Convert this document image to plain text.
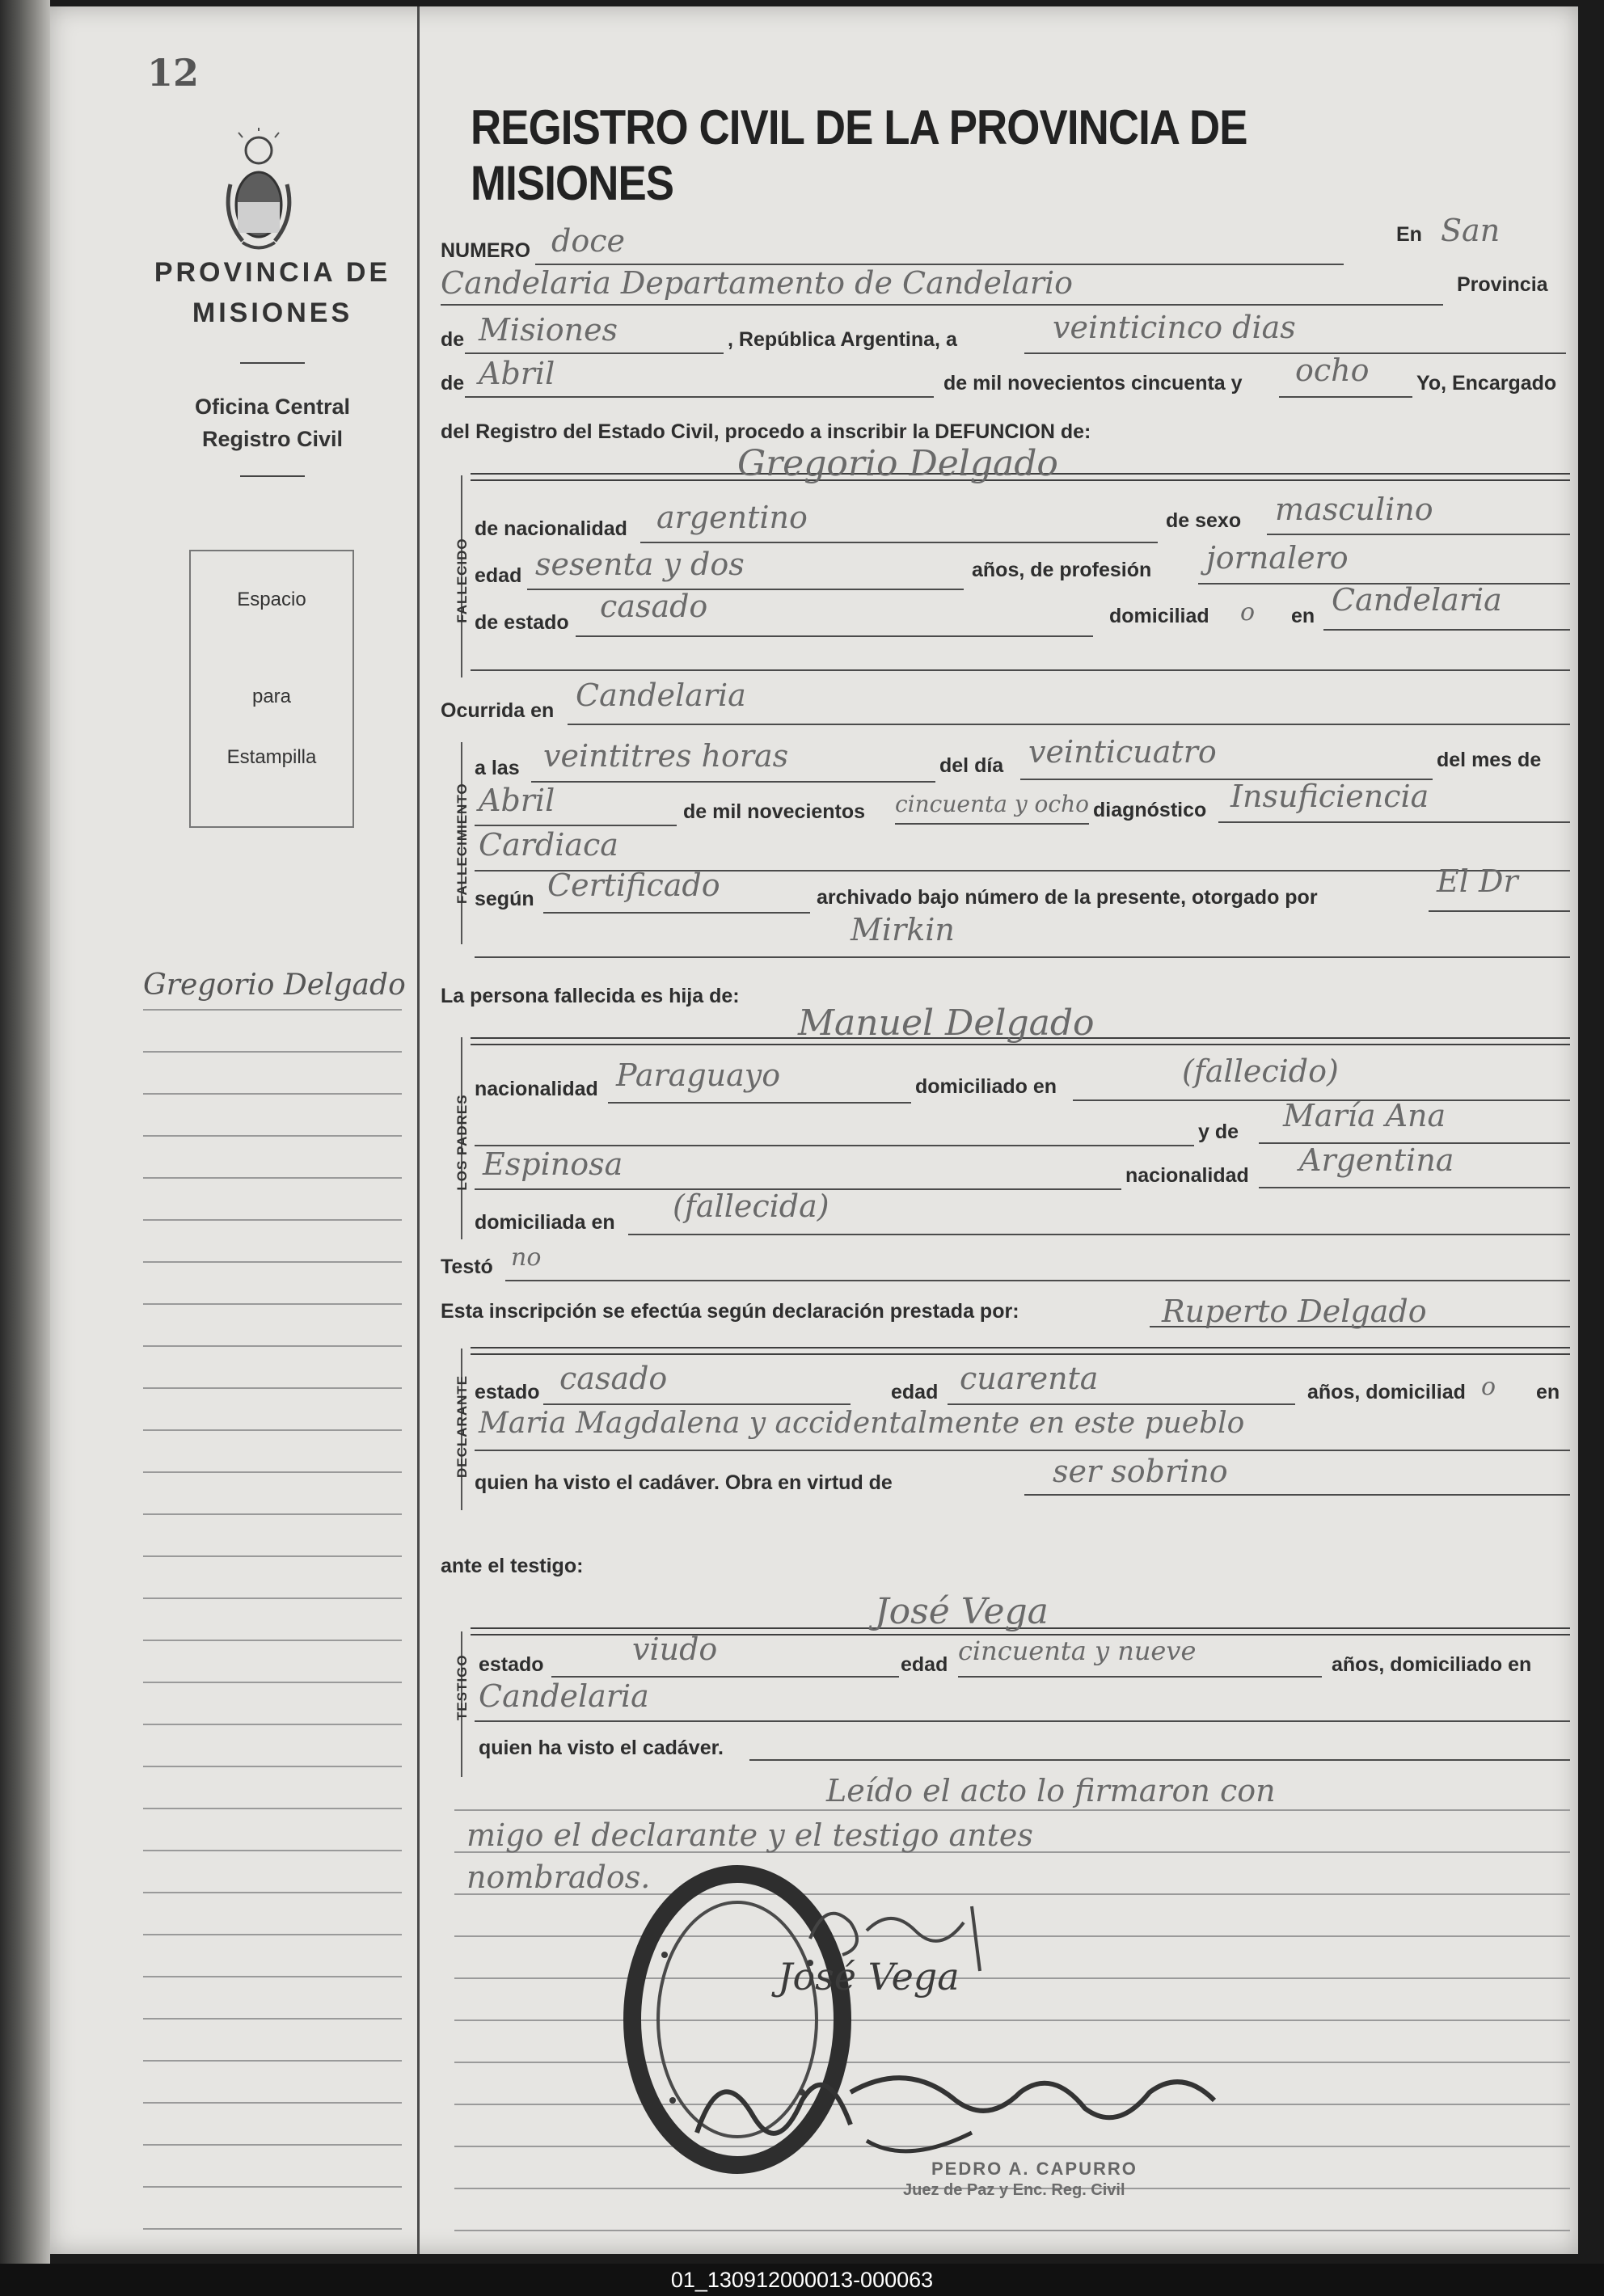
12
PROVINCIA DE
MISIONES
Oficina Central
Registro Civil
Espacio
para
Estampilla
Gregorio Delgado
REGISTRO CIVIL DE LA PROVINCIA DE MISIONES
NUMERO doce	En San
Candelaria Departamento de Candelario	Provincia
de Misiones	, República Argentina, a	veinticinco dias
de Abril	de mil novecientos cincuenta y ocho Yo, Encargado
del Registro del Estado Civil, procedo a inscribir la DEFUNCION de:
FALLECIDO
Gregorio Delgado
de nacionalidad argentino	de sexo masculino
edad sesenta y dos	años, de profesión jornalero
de estado casado	domiciliad o en Candelaria
Ocurrida en Candelaria
FALLECIMIENTO
a las veintitres horas	del día veinticuatro	del mes de
Abril	de mil novecientos cincuenta y ocho diagnóstico Insuficiencia
Cardiaca
según Certificado	archivado bajo número de la presente, otorgado por	El Dr
Mirkin
La persona fallecida es hija de:
LOS PADRES
Manuel Delgado
nacionalidad Paraguayo	domiciliado en	(fallecido)
y de María Ana
Espinosa	nacionalidad Argentina
domiciliada en (fallecida)
Testó no
Esta inscripción se efectúa según declaración prestada por:	Ruperto Delgado
DECLARANTE estado casado	edad cuarenta	años, domiciliad o en
Maria Magdalena y accidentalmente en este pueblo
quien ha visto el cadáver. Obra en virtud de	ser sobrino
ante el testigo:
TESTIGO
José Vega
estado	viudo	edad cincuenta y nueve	años, domiciliado en
Candelaria
quien ha visto el cadáver.
Leído el acto lo firmaron con
migo el declarante y el testigo antes
nombrados.
José Vega
PEDRO A. CAPURRO
Juez de Paz y Enc. Reg. Civil
01_130912000013-000063
